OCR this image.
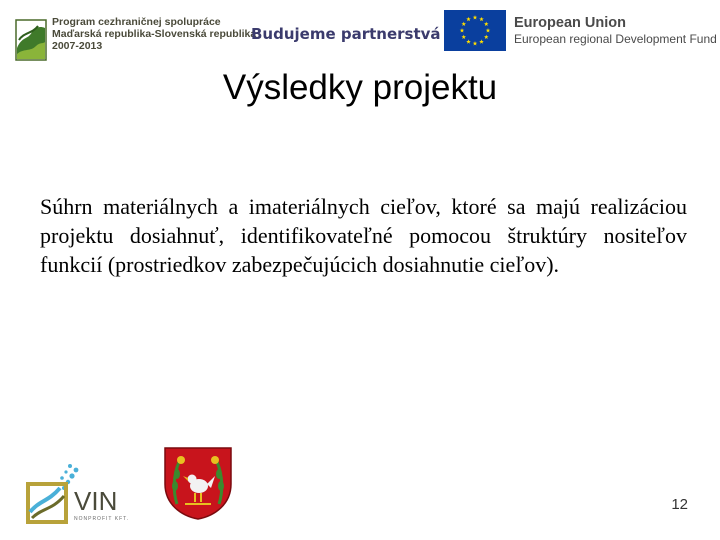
Program cezhraničnej spolupráce
Maďarská republika-Slovenská republika
2007-2013
Budujeme partnerstvá
European Union
European regional Development Fund
Výsledky projektu
Súhrn materiálnych a imateriálnych cieľov, ktoré sa majú realizáciou projektu dosiahnuť, identifikovateľné pomocou štruktúry nositeľov funkcií (prostriedkov zabezpečujúcich dosiahnutie cieľov).
VIN
NONPROFIT KFT.
12
